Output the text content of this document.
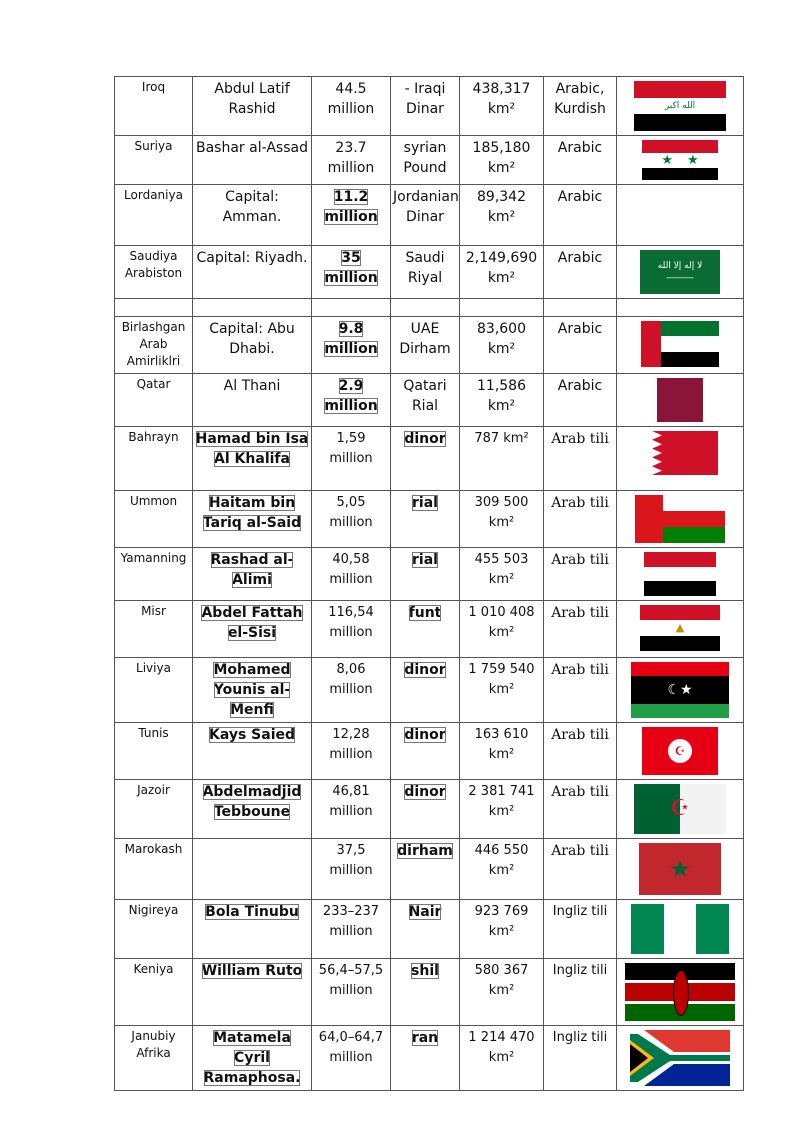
Iroq	Abdul Latif Rashid	44.5 million	- Iraqi Dinar	438,317 km²	Arabic, Kurdish	الله اكبر

Suriya	Bashar al-Assad	23.7 million	syrian Pound	185,180 km²	Arabic	★ ★

Lordaniya	Capital: Amman.	11.2 million	Jordanian Dinar	89,342 km²	Arabic	
Saudiya Arabiston	Capital: Riyadh.	35 million	Saudi Riyal	2,149,690 km²	Arabic	لا إله إلا الله
―――

Birlashgan Arab Amirliklri	Capital: Abu Dhabi.	9.8 million	UAE Dirham	83,600 km²	Arabic	

Qatar	Al Thani	2.9 million	Qatari Rial	11,586 km²	Arabic	

Bahrayn	Hamad bin Isa Al Khalifa	1,59 million	dinor	787 km²	Arab tili	

Ummon	Haitam bin Tariq al-Said	5,05 million	rial	309 500 km²	Arab tili	

Yamanning	Rashad al-Alimi	40,58 million	rial	455 503 km²	Arab tili	

Misr	Abdel Fattah el-Sisi	116,54 million	funt	1 010 408 km²	Arab tili	▲

Liviya	Mohamed Younis al-Menfi	8,06 million	dinor	1 759 540 km²	Arab tili	☾★

Tunis	Kays Saied	12,28 million	dinor	163 610 km²	Arab tili	☪

Jazoir	Abdelmadjid Tebboune	46,81 million	dinor	2 381 741 km²	Arab tili	☪

Marokash		37,5 million	dirham	446 550 km²	Arab tili	★

Nigireya	Bola Tinubu	233–237 million	Nair	923 769 km²	Ingliz tili	

Keniya	William Ruto	56,4–57,5 million	shil	580 367 km²	Ingliz tili	

Janubiy Afrika	Matamela Cyril Ramaphosa.	64,0–64,7 million	ran	1 214 470 km²	Ingliz tili	
